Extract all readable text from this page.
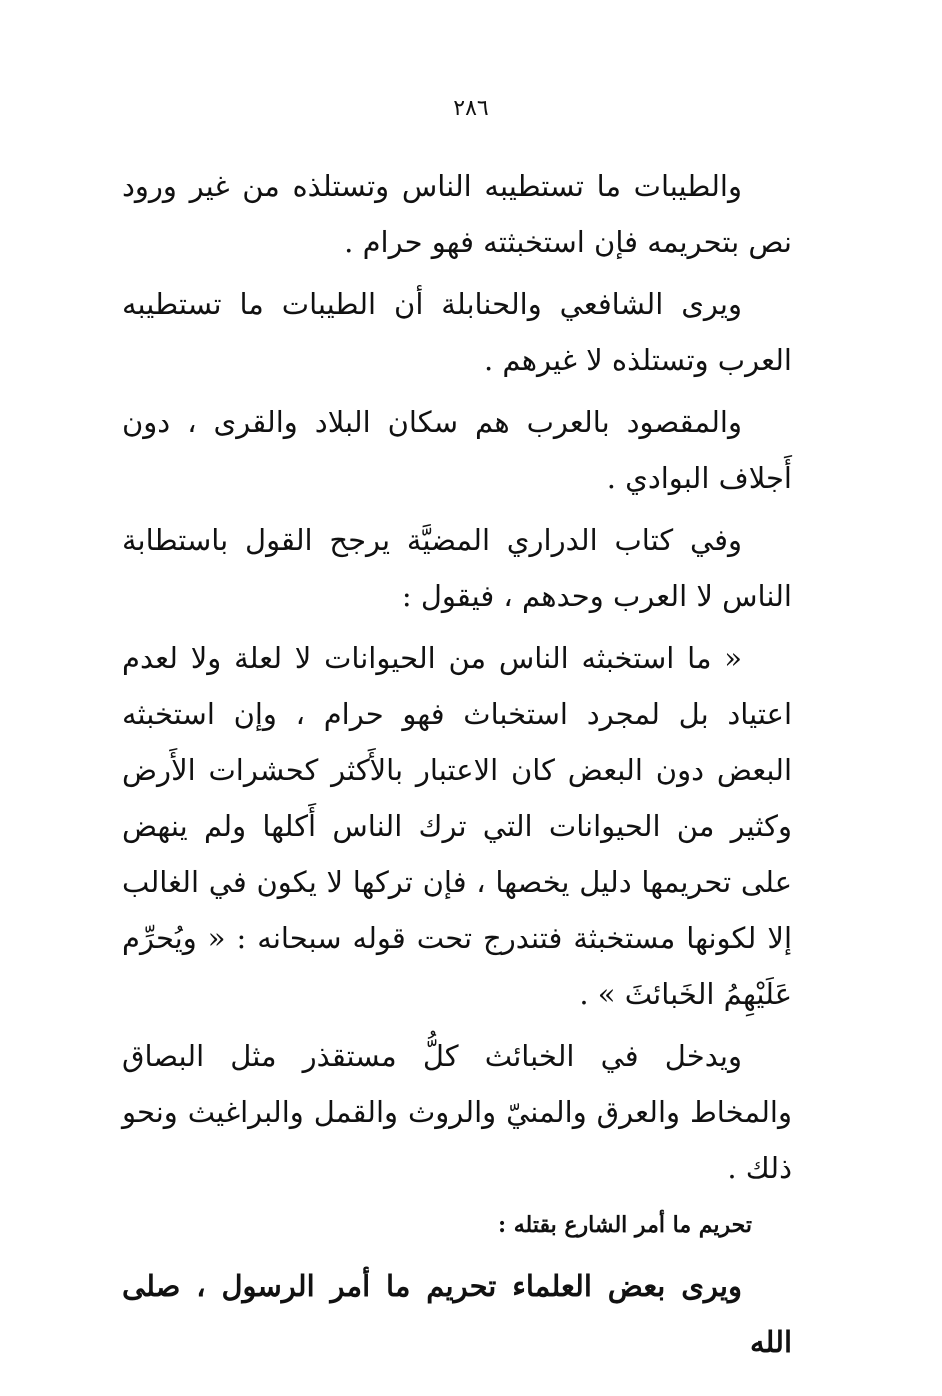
٢٨٦

والطيبات ما تستطيبه الناس وتستلذه من غير ورود نص بتحريمه فإن استخبثته فهو حرام .

ويرى الشافعي والحنابلة أن الطيبات ما تستطيبه العرب وتستلذه لا غيرهم .

والمقصود بالعرب هم سكان البلاد والقرى ، دون أَجلاف البوادي .

وفي كتاب الدراري المضيَّة يرجح القول باستطابة الناس لا العرب وحدهم ، فيقول :

« ما استخبثه الناس من الحيوانات لا لعلة ولا لعدم اعتياد بل لمجرد استخباث فهو حرام ، وإن استخبثه البعض دون البعض كان الاعتبار بالأَكثر كحشرات الأَرض وكثير من الحيوانات التي ترك الناس أَكلها ولم ينهض على تحريمها دليل يخصها ، فإن تركها لا يكون في الغالب إلا لكونها مستخبثة فتندرج تحت قوله سبحانه : « ويُحرِّم عَلَيْهِمُ الخَبائثَ » .

ويدخل في الخبائث كلُّ مستقذر مثل البصاق والمخاط والعرق والمنيّ والروث والقمل والبراغيث ونحو ذلك .

تحريم ما أمر الشارع بقتله :

ويرى بعض العلماء تحريم ما أمر الرسول ، صلى الله
